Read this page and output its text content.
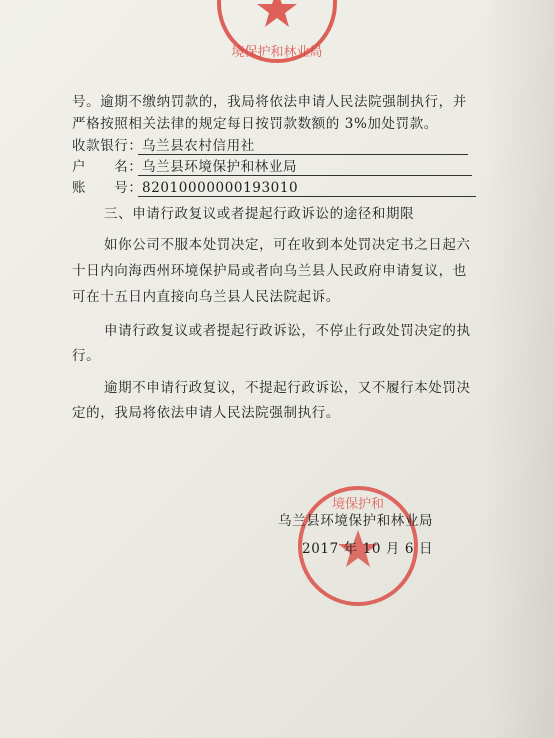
境保护和林业局
号。逾期不缴纳罚款的，我局将依法申请人民法院强制执行，并
严格按照相关法律的规定每日按罚款数额的 3%加处罚款。
收款银行： 乌兰县农村信用社
户　　名： 乌兰县环境保护和林业局
账　　号： 82010000000193010
三、申请行政复议或者提起行政诉讼的途径和期限
如你公司不服本处罚决定，可在收到本处罚决定书之日起六
十日内向海西州环境保护局或者向乌兰县人民政府申请复议，也
可在十五日内直接向乌兰县人民法院起诉。
申请行政复议或者提起行政诉讼，不停止行政处罚决定的执
行。
逾期不申请行政复议，不提起行政诉讼，又不履行本处罚决
定的，我局将依法申请人民法院强制执行。
境保护和
乌兰县环境保护和林业局
2017 年 10 月 6 日
